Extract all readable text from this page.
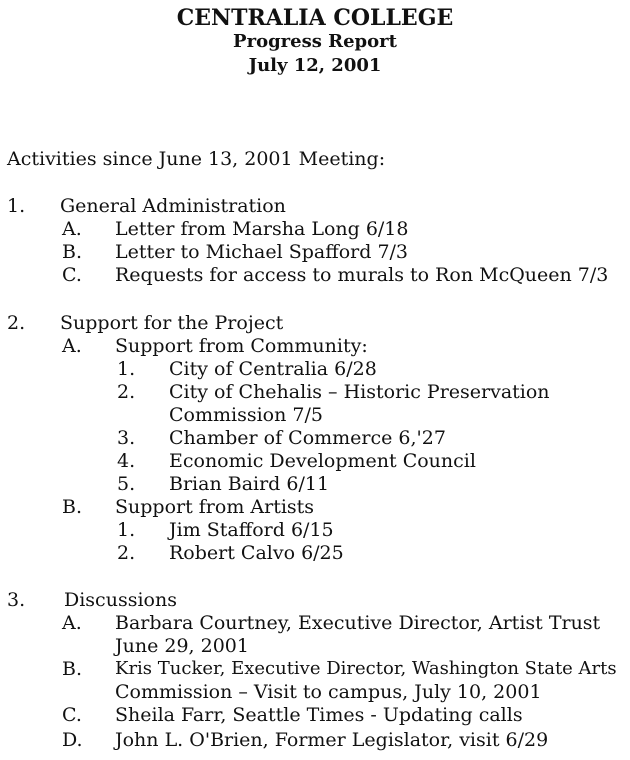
CENTRALIA COLLEGE
Progress Report
July 12, 2001
Activities since June 13, 2001 Meeting:
1. General Administration
A. Letter from Marsha Long 6/18
B. Letter to Michael Spafford 7/3
C. Requests for access to murals to Ron McQueen 7/3
2. Support for the Project
A. Support from Community:
1. City of Centralia 6/28
2. City of Chehalis – Historic Preservation
Commission 7/5
3. Chamber of Commerce 6,'27
4. Economic Development Council
5. Brian Baird 6/11
B. Support from Artists
1. Jim Stafford 6/15
2. Robert Calvo 6/25
3. Discussions
A. Barbara Courtney, Executive Director, Artist Trust
June 29, 2001
B. Kris Tucker, Executive Director, Washington State Arts
Commission – Visit to campus, July 10, 2001
C. Sheila Farr, Seattle Times - Updating calls
D. John L. O'Brien, Former Legislator, visit 6/29
